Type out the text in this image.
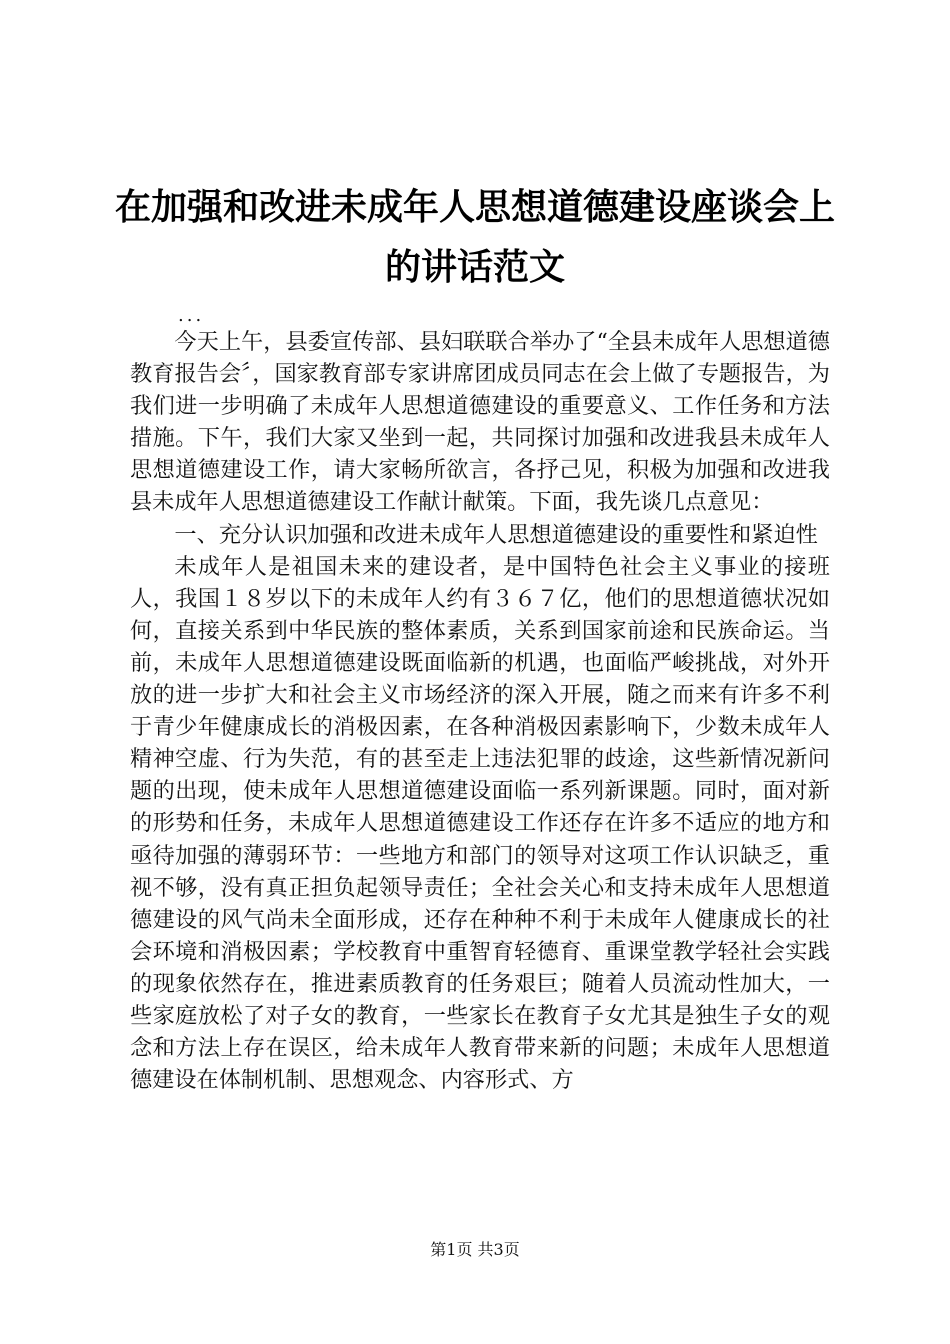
在加强和改进未成年人思想道德建设座谈会上
的讲话范文
...

今天上午，县委宣传部、县妇联联合举办了“全县未成年人思想道德教育报告会〞，国家教育部专家讲席团成员同志在会上做了专题报告，为我们进一步明确了未成年人思想道德建设的重要意义、工作任务和方法措施。下午，我们大家又坐到一起，共同探讨加强和改进我县未成年人思想道德建设工作，请大家畅所欲言，各抒己见，积极为加强和改进我县未成年人思想道德建设工作献计献策。下面，我先谈几点意见：

一、充分认识加强和改进未成年人思想道德建设的重要性和紧迫性

未成年人是祖国未来的建设者，是中国特色社会主义事业的接班人，我国１８岁以下的未成年人约有３６７亿，他们的思想道德状况如何，直接关系到中华民族的整体素质，关系到国家前途和民族命运。当前，未成年人思想道德建设既面临新的机遇，也面临严峻挑战，对外开放的进一步扩大和社会主义市场经济的深入开展，随之而来有许多不利于青少年健康成长的消极因素，在各种消极因素影响下，少数未成年人精神空虚、行为失范，有的甚至走上违法犯罪的歧途，这些新情况新问题的出现，使未成年人思想道德建设面临一系列新课题。同时，面对新的形势和任务，未成年人思想道德建设工作还存在许多不适应的地方和亟待加强的薄弱环节：一些地方和部门的领导对这项工作认识缺乏，重视不够，没有真正担负起领导责任；全社会关心和支持未成年人思想道德建设的风气尚未全面形成，还存在种种不利于未成年人健康成长的社会环境和消极因素；学校教育中重智育轻德育、重课堂教学轻社会实践的现象依然存在，推进素质教育的任务艰巨；随着人员流动性加大，一些家庭放松了对子女的教育，一些家长在教育子女尤其是独生子女的观念和方法上存在误区，给未成年人教育带来新的问题；未成年人思想道德建设在体制机制、思想观念、内容形式、方

第1页 共3页
